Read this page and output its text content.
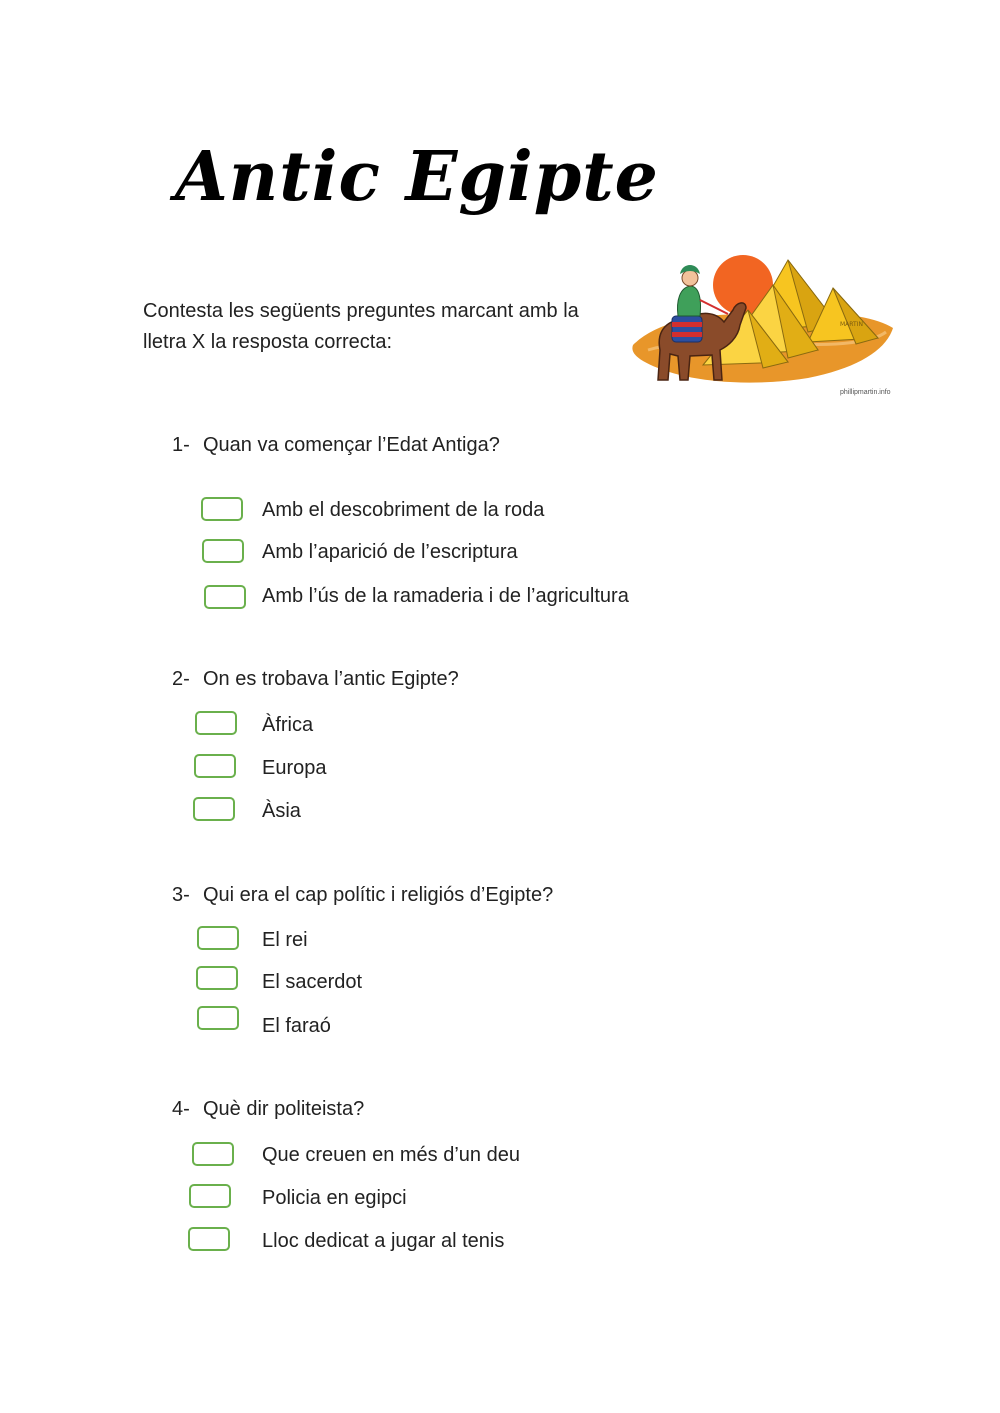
Antic Egipte
Contesta les següents preguntes marcant amb la lletra X la resposta correcta:
MARTIN
phillipmartin.info
1- Quan va començar l’Edat Antiga?
Amb el descobriment de la roda
Amb l’aparició de l’escriptura
Amb l’ús de la ramaderia i de l’agricultura
2- On es trobava l’antic Egipte?
Àfrica
Europa
Àsia
3- Qui era el cap polític i religiós d’Egipte?
El rei
El sacerdot
El faraó
4- Què dir politeista?
Que creuen en més d’un deu
Policia en egipci
Lloc dedicat a jugar al tenis
